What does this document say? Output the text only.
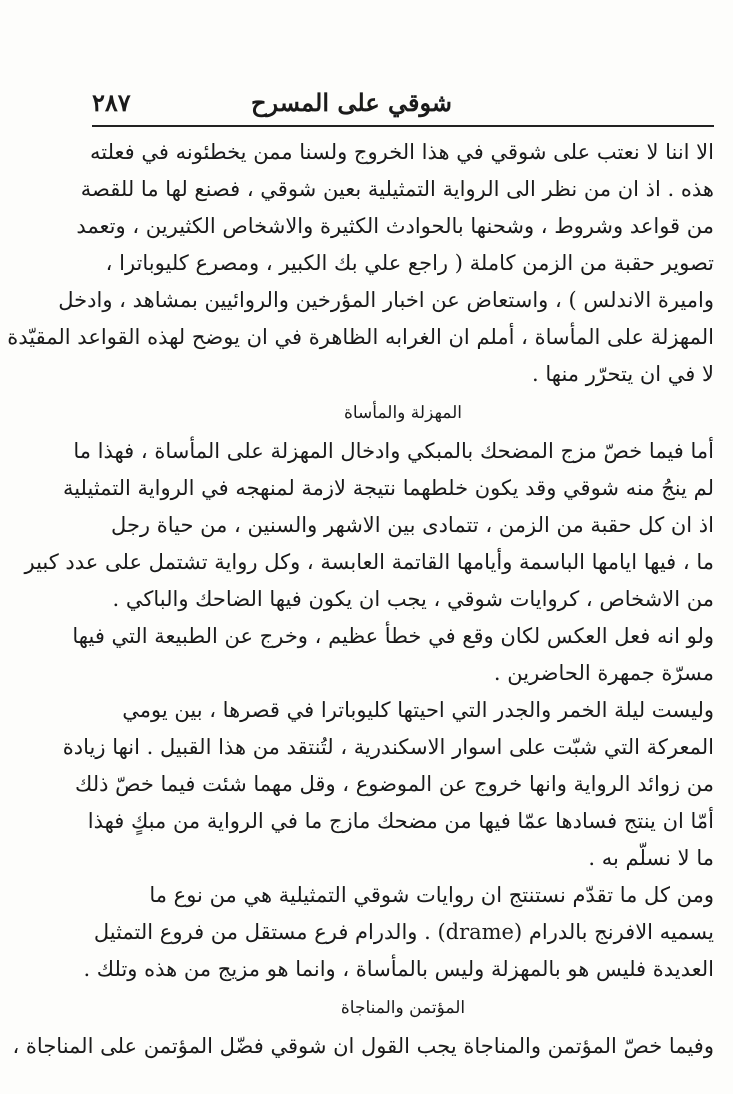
شوقي على المسرح
٢٨٧
الا اننا لا نعتب على شوقي في هذا الخروج ولسنا ممن يخطئونه في فعلته
هذه . اذ ان من نظر الى الرواية التمثيلية بعين شوقي ، فصنع لها ما للقصة
من قواعد وشروط ، وشحنها بالحوادث الكثيرة والاشخاص الكثيرين ، وتعمد
تصوير حقبة من الزمن كاملة ( راجع علي بك الكبير ، ومصرع كليوباترا ،
واميرة الاندلس ) ، واستعاض عن اخبار المؤرخين والروائيين بمشاهد ، وادخل
المهزلة على المأساة ، أملم ان الغرابه الظاهرة في ان يوضح لهذه القواعد المقيّدة
لا في ان يتحرّر منها .
المهزلة والمأساة
أما فيما خصّ مزج المضحك بالمبكي وادخال المهزلة على المأساة ، فهذا ما
لم ينجُ منه شوقي وقد يكون خلطهما نتيجة لازمة لمنهجه في الرواية التمثيلية
اذ ان كل حقبة من الزمن ، تتمادى بين الاشهر والسنين ، من حياة رجل
ما ، فيها ايامها الباسمة وأيامها القاتمة العابسة ، وكل رواية تشتمل على عدد كبير
من الاشخاص ، كروايات شوقي ، يجب ان يكون فيها الضاحك والباكي .
ولو انه فعل العكس لكان وقع في خطأ عظيم ، وخرج عن الطبيعة التي فيها
مسرّة جمهرة الحاضرين .
وليست ليلة الخمر والجدر التي احيتها كليوباترا في قصرها ، بين يومي
المعركة التي شبّت على اسوار الاسكندرية ، لتُنتقد من هذا القبيل . انها زيادة
من زوائد الرواية وانها خروج عن الموضوع ، وقل مهما شئت فيما خصّ ذلك
أمّا ان ينتج فسادها عمّا فيها من مضحك مازج ما في الرواية من مبكٍ فهذا
ما لا نسلّم به .
ومن كل ما تقدّم نستنتج ان روايات شوقي التمثيلية هي من نوع ما
يسميه الافرنج بالدرام (drame) . والدرام فرع مستقل من فروع التمثيل
العديدة فليس هو بالمهزلة وليس بالمأساة ، وانما هو مزيج من هذه وتلك .
المؤتمن والمناجاة
وفيما خصّ المؤتمن والمناجاة يجب القول ان شوقي فضّل المؤتمن على المناجاة ،
